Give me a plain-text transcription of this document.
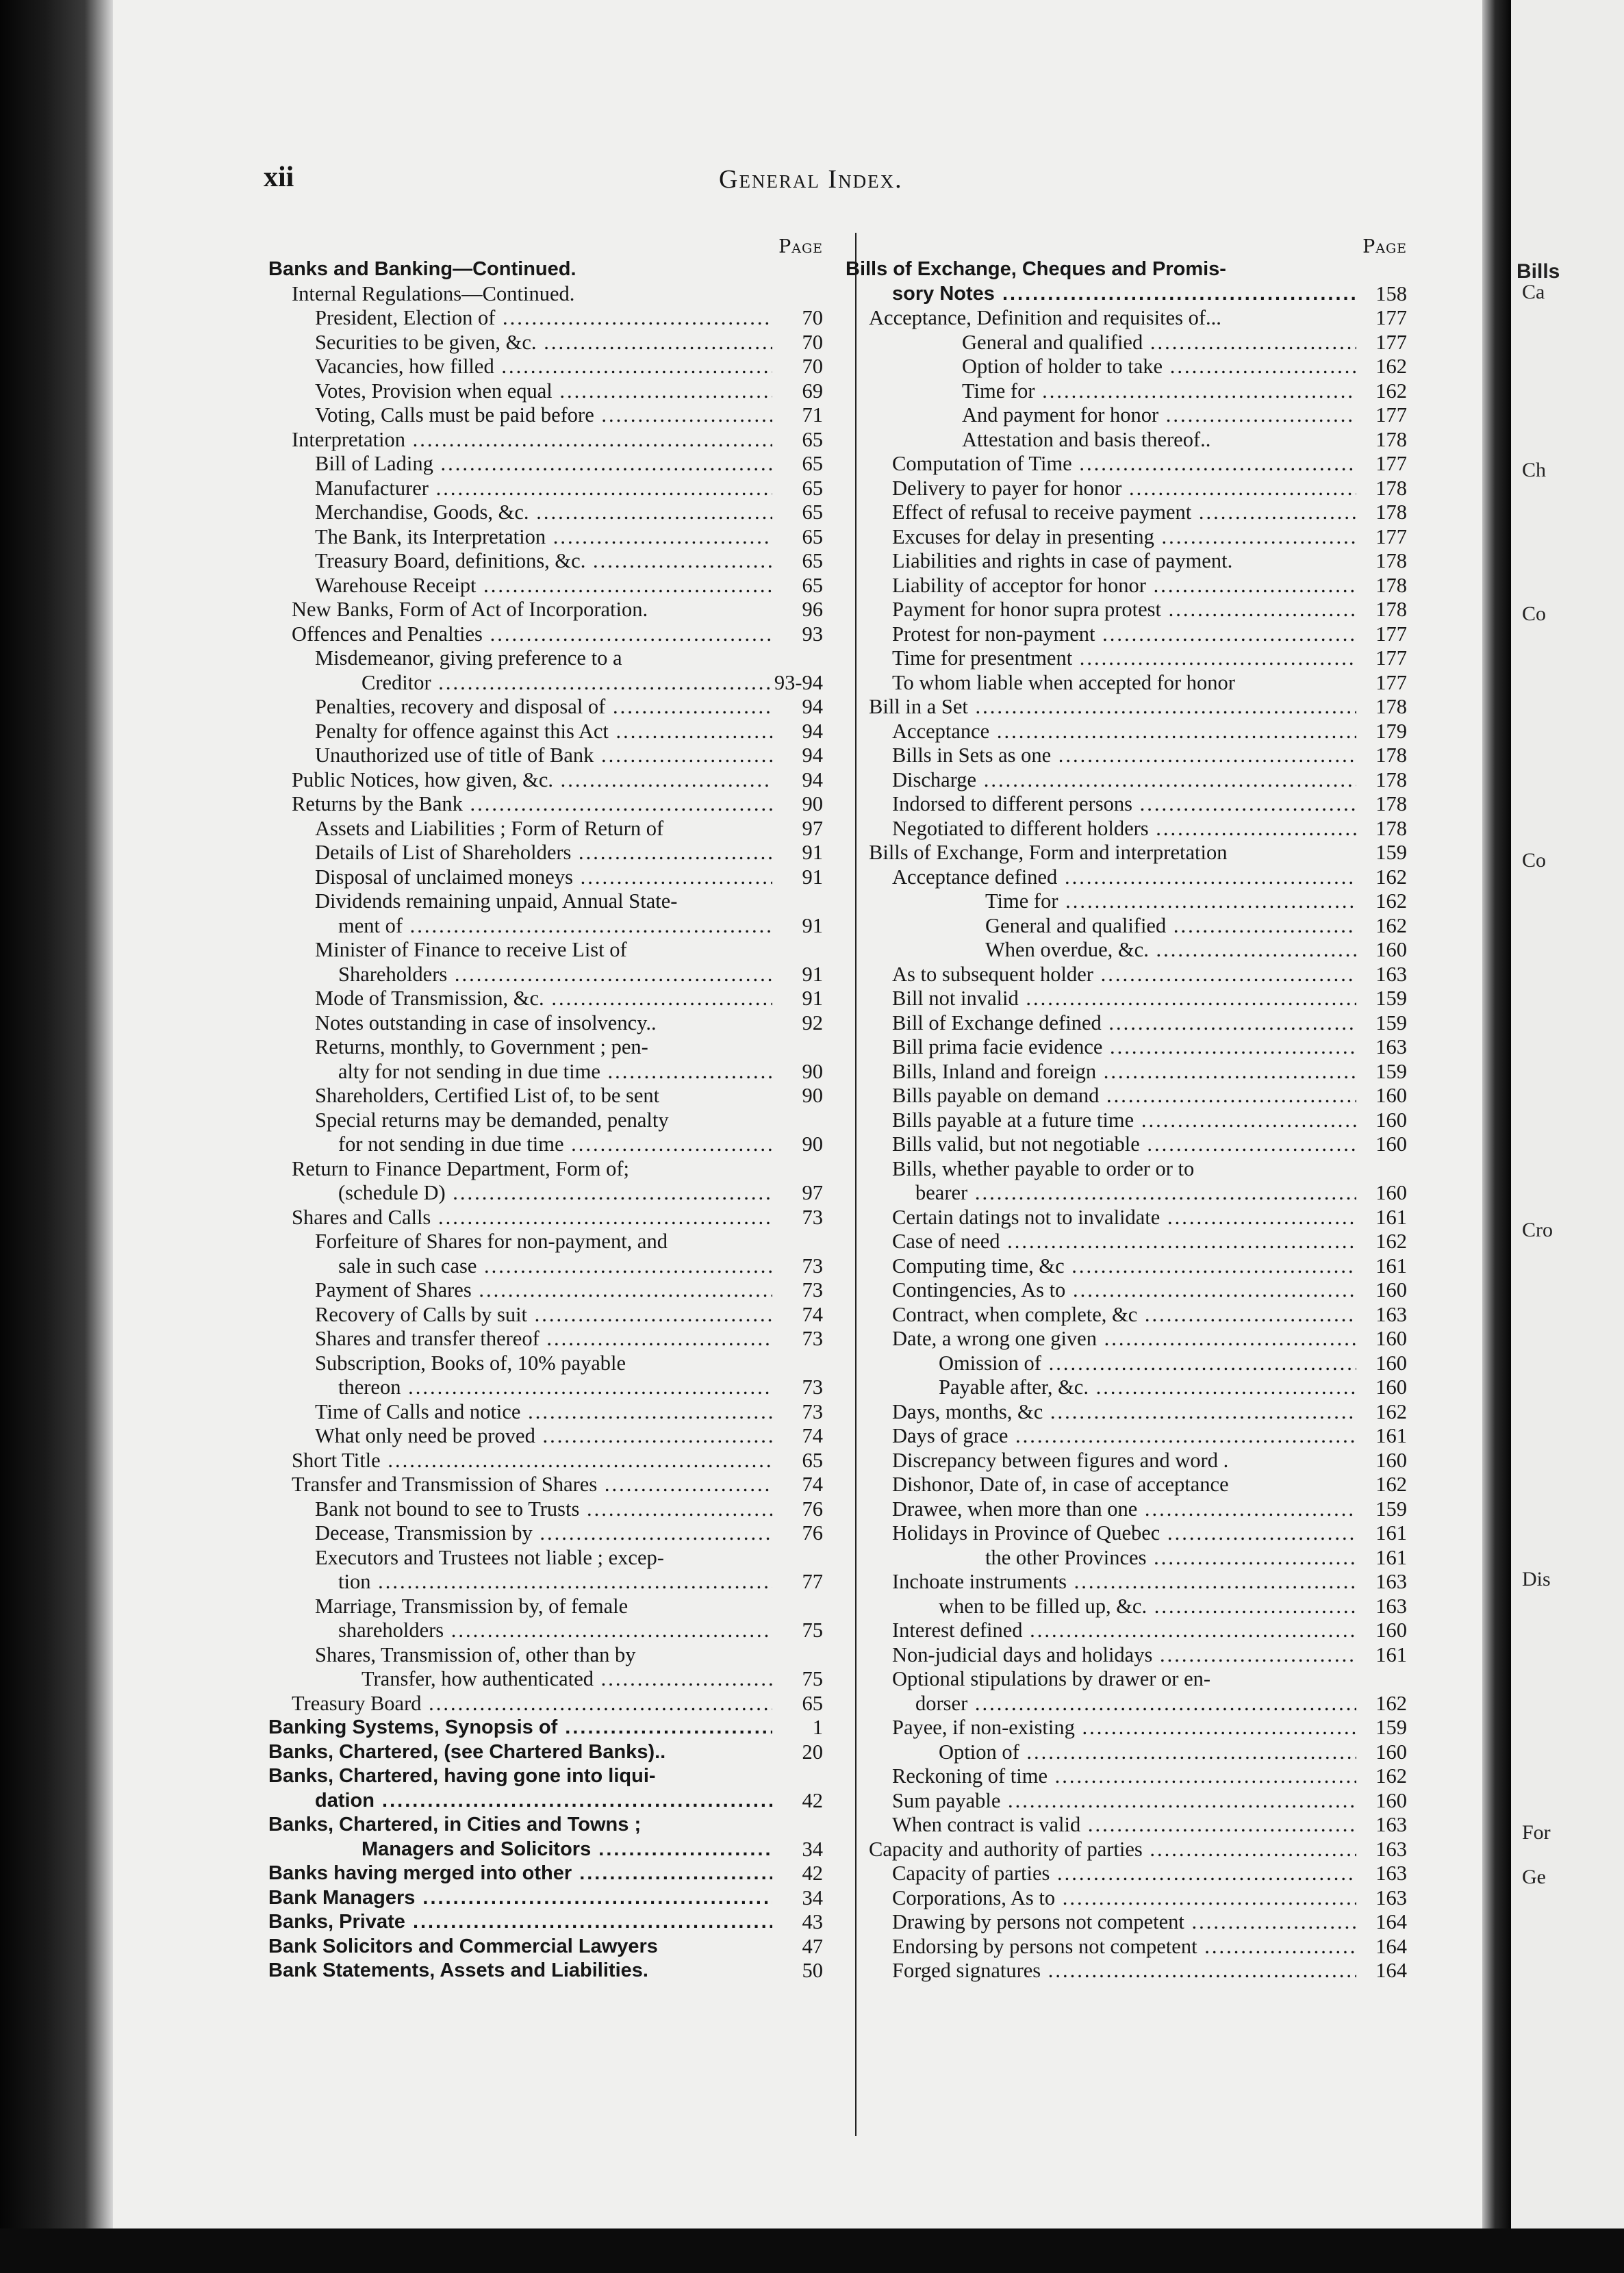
xii	General Index.
Page
Banks and Banking—Continued.
Internal Regulations—Continued.
President, Election of .....	70
Securities to be given, &c. .....	70
Vacancies, how filled .....	70
Votes, Provision when equal .....	69
Voting, Calls must be paid before .....	71
Interpretation .....	65
Bill of Lading .....	65
Manufacturer .....	65
Merchandise, Goods, &c. .....	65
The Bank, its Interpretation .....	65
Treasury Board, definitions, &c. .....	65
Warehouse Receipt .....	65
New Banks, Form of Act of Incorporation.	96
Offences and Penalties .....	93
Misdemeanor, giving preference to a
Creditor .....	93-94
Penalties, recovery and disposal of .....	94
Penalty for offence against this Act .....	94
Unauthorized use of title of Bank .....	94
Public Notices, how given, &c. .....	94
Returns by the Bank .....	90
Assets and Liabilities ; Form of Return of	97
Details of List of Shareholders .....	91
Disposal of unclaimed moneys .....	91
Dividends remaining unpaid, Annual State-
ment of .....	91
Minister of Finance to receive List of
Shareholders .....	91
Mode of Transmission, &c. .....	91
Notes outstanding in case of insolvency..	92
Returns, monthly, to Government ; pen-
alty for not sending in due time .....	90
Shareholders, Certified List of, to be sent	90
Special returns may be demanded, penalty
for not sending in due time .....	90
Return to Finance Department, Form of;
(schedule D) .....	97
Shares and Calls .....	73
Forfeiture of Shares for non-payment, and
sale in such case .....	73
Payment of Shares .....	73
Recovery of Calls by suit .....	74
Shares and transfer thereof .....	73
Subscription, Books of, 10% payable
thereon .....	73
Time of Calls and notice .....	73
What only need be proved .....	74
Short Title .....	65
Transfer and Transmission of Shares .....	74
Bank not bound to see to Trusts .....	76
Decease, Transmission by .....	76
Executors and Trustees not liable ; excep-
tion .....	77
Marriage, Transmission by, of female
shareholders .....	75
Shares, Transmission of, other than by
Transfer, how authenticated .....	75
Treasury Board .....	65
Banking Systems, Synopsis of .....	1
Banks, Chartered, (see Chartered Banks)..	20
Banks, Chartered, having gone into liqui-
dation .....	42
Banks, Chartered, in Cities and Towns ;
Managers and Solicitors .....	34
Banks having merged into other .....	42
Bank Managers .....	34
Banks, Private .....	43
Bank Solicitors and Commercial Lawyers	47
Bank Statements, Assets and Liabilities.	50
Page
Bills of Exchange, Cheques and Promis-
sory Notes .....	158
Acceptance, Definition and requisites of...	177
General and qualified .....	177
Option of holder to take .....	162
Time for .....	162
And payment for honor .....	177
Attestation and basis thereof..	178
Computation of Time .....	177
Delivery to payer for honor .....	178
Effect of refusal to receive payment .....	178
Excuses for delay in presenting .....	177
Liabilities and rights in case of payment.	178
Liability of acceptor for honor .....	178
Payment for honor supra protest .....	178
Protest for non-payment .....	177
Time for presentment .....	177
To whom liable when accepted for honor	177
Bill in a Set .....	178
Acceptance .....	179
Bills in Sets as one .....	178
Discharge .....	178
Indorsed to different persons .....	178
Negotiated to different holders .....	178
Bills of Exchange, Form and interpretation	159
Acceptance defined .....	162
Time for .....	162
General and qualified .....	162
When overdue, &c. .....	160
As to subsequent holder .....	163
Bill not invalid .....	159
Bill of Exchange defined .....	159
Bill prima facie evidence .....	163
Bills, Inland and foreign .....	159
Bills payable on demand .....	160
Bills payable at a future time .....	160
Bills valid, but not negotiable .....	160
Bills, whether payable to order or to
bearer .....	160
Certain datings not to invalidate .....	161
Case of need .....	162
Computing time, &c .....	161
Contingencies, As to .....	160
Contract, when complete, &c .....	163
Date, a wrong one given .....	160
Omission of .....	160
Payable after, &c. .....	160
Days, months, &c .....	162
Days of grace .....	161
Discrepancy between figures and word .	160
Dishonor, Date of, in case of acceptance	162
Drawee, when more than one .....	159
Holidays in Province of Quebec .....	161
the other Provinces .....	161
Inchoate instruments .....	163
when to be filled up, &c. .....	163
Interest defined .....	160
Non-judicial days and holidays .....	161
Optional stipulations by drawer or en-
dorser .....	162
Payee, if non-existing .....	159
Option of .....	160
Reckoning of time .....	162
Sum payable .....	160
When contract is valid .....	163
Capacity and authority of parties .....	163
Capacity of parties .....	163
Corporations, As to .....	163
Drawing by persons not competent .....	164
Endorsing by persons not competent .....	164
Forged signatures .....	164
Bills
Ca
Ch
Co
Co
Cro
Dis
For
Ge
